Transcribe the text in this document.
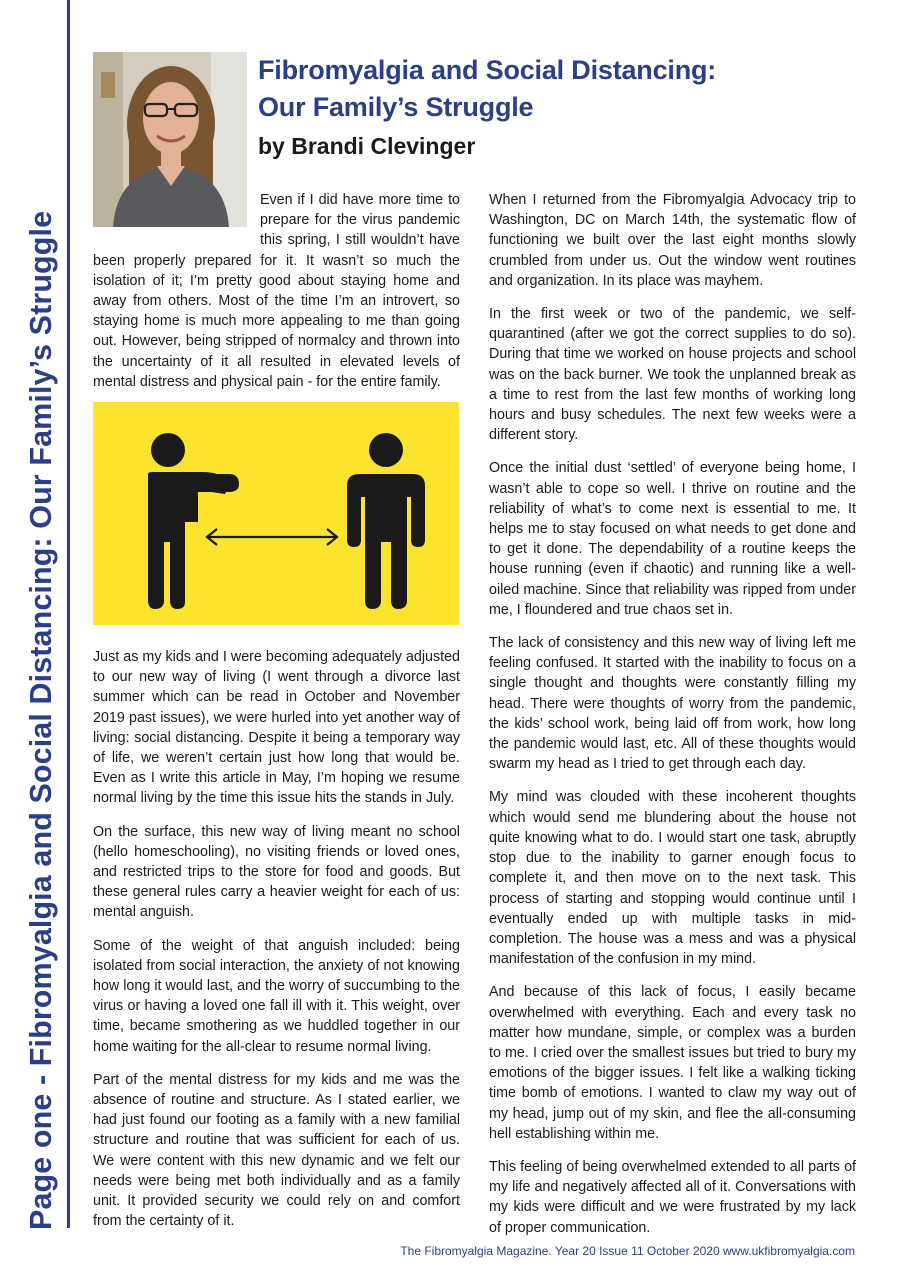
Page one - Fibromyalgia and Social Distancing: Our Family’s Struggle
Fibromyalgia and Social Distancing:
Our Family’s Struggle
by Brandi Clevinger
Even if I did have more time to prepare for the virus pandemic this spring, I still wouldn’t have been properly prepared for it. It wasn’t so much the isolation of it; I’m pretty good about staying home and away from others. Most of the time I’m an introvert, so staying home is much more appealing to me than going out. However, being stripped of normalcy and thrown into the uncertainty of it all resulted in elevated levels of mental distress and physical pain - for the entire family.

Just as my kids and I were becoming adequately adjusted to our new way of living (I went through a divorce last summer which can be read in October and November 2019 past issues), we were hurled into yet another way of living: social distancing. Despite it being a temporary way of life, we weren’t certain just how long that would be. Even as I write this article in May, I’m hoping we resume normal living by the time this issue hits the stands in July.

On the surface, this new way of living meant no school (hello homeschooling), no visiting friends or loved ones, and restricted trips to the store for food and goods. But these general rules carry a heavier weight for each of us: mental anguish.

Some of the weight of that anguish included: being isolated from social interaction, the anxiety of not knowing how long it would last, and the worry of succumbing to the virus or having a loved one fall ill with it. This weight, over time, became smothering as we huddled together in our home waiting for the all-clear to resume normal living.

Part of the mental distress for my kids and me was the absence of routine and structure. As I stated earlier, we had just found our footing as a family with a new familial structure and routine that was sufficient for each of us. We were content with this new dynamic and we felt our needs were being met both individually and as a family unit. It provided security we could rely on and comfort from the certainty of it.

When I returned from the Fibromyalgia Advocacy trip to Washington, DC on March 14th, the systematic flow of functioning we built over the last eight months slowly crumbled from under us. Out the window went routines and organization. In its place was mayhem.

In the first week or two of the pandemic, we self-quarantined (after we got the correct supplies to do so). During that time we worked on house projects and school was on the back burner. We took the unplanned break as a time to rest from the last few months of working long hours and busy schedules. The next few weeks were a different story.

Once the initial dust ‘settled’ of everyone being home, I wasn’t able to cope so well. I thrive on routine and the reliability of what’s to come next is essential to me. It helps me to stay focused on what needs to get done and to get it done. The dependability of a routine keeps the house running (even if chaotic) and running like a well-oiled machine. Since that reliability was ripped from under me, I floundered and true chaos set in.

The lack of consistency and this new way of living left me feeling confused. It started with the inability to focus on a single thought and thoughts were constantly filling my head. There were thoughts of worry from the pandemic, the kids’ school work, being laid off from work, how long the pandemic would last, etc. All of these thoughts would swarm my head as I tried to get through each day.

My mind was clouded with these incoherent thoughts which would send me blundering about the house not quite knowing what to do. I would start one task, abruptly stop due to the inability to garner enough focus to complete it, and then move on to the next task. This process of starting and stopping would continue until I eventually ended up with multiple tasks in mid-completion. The house was a mess and was a physical manifestation of the confusion in my mind.

And because of this lack of focus, I easily became overwhelmed with everything. Each and every task no matter how mundane, simple, or complex was a burden to me. I cried over the smallest issues but tried to bury my emotions of the bigger issues. I felt like a walking ticking time bomb of emotions. I wanted to claw my way out of my head, jump out of my skin, and flee the all-consuming hell establishing within me.

This feeling of being overwhelmed extended to all parts of my life and negatively affected all of it. Conversations with my kids were difficult and we were frustrated by my lack of proper communication.

The Fibromyalgia Magazine. Year 20 Issue 11 October 2020 www.ukfibromyalgia.com
